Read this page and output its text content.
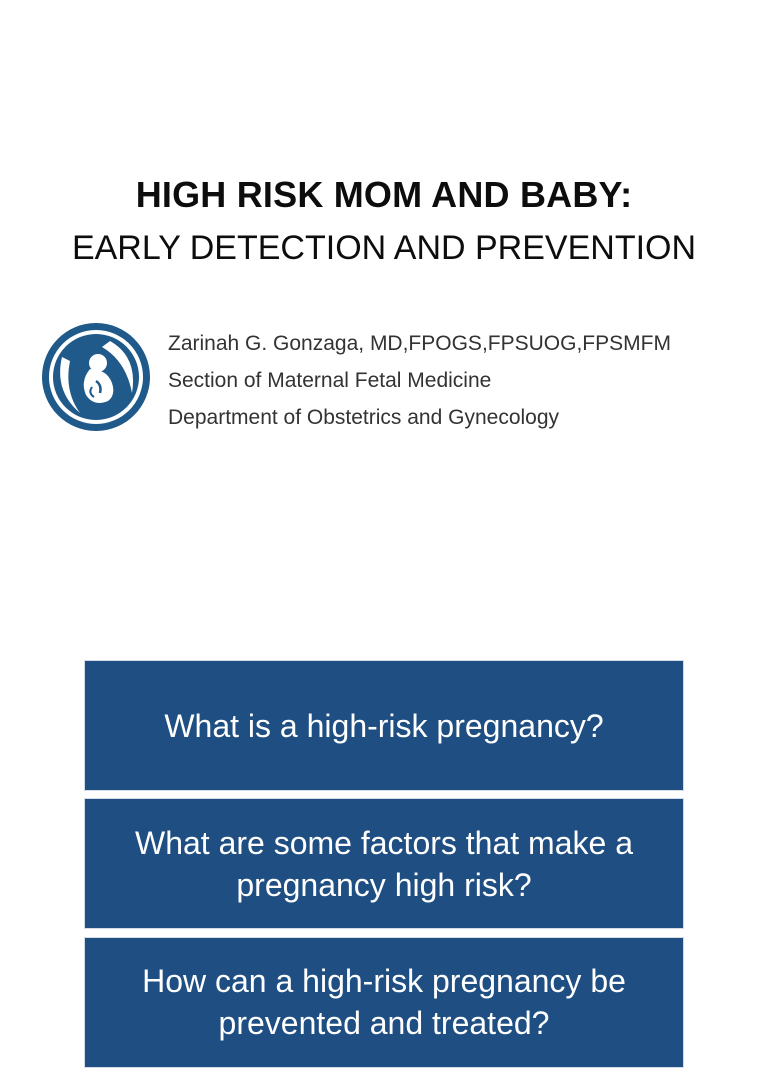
HIGH RISK MOM AND BABY:
EARLY DETECTION AND PREVENTION
Zarinah G. Gonzaga, MD,FPOGS,FPSUOG,FPSMFM
Section of Maternal Fetal Medicine
Department of Obstetrics and Gynecology
What is a high-risk pregnancy?
What are some factors that make a pregnancy high risk?
How can a high-risk pregnancy be prevented and treated?
